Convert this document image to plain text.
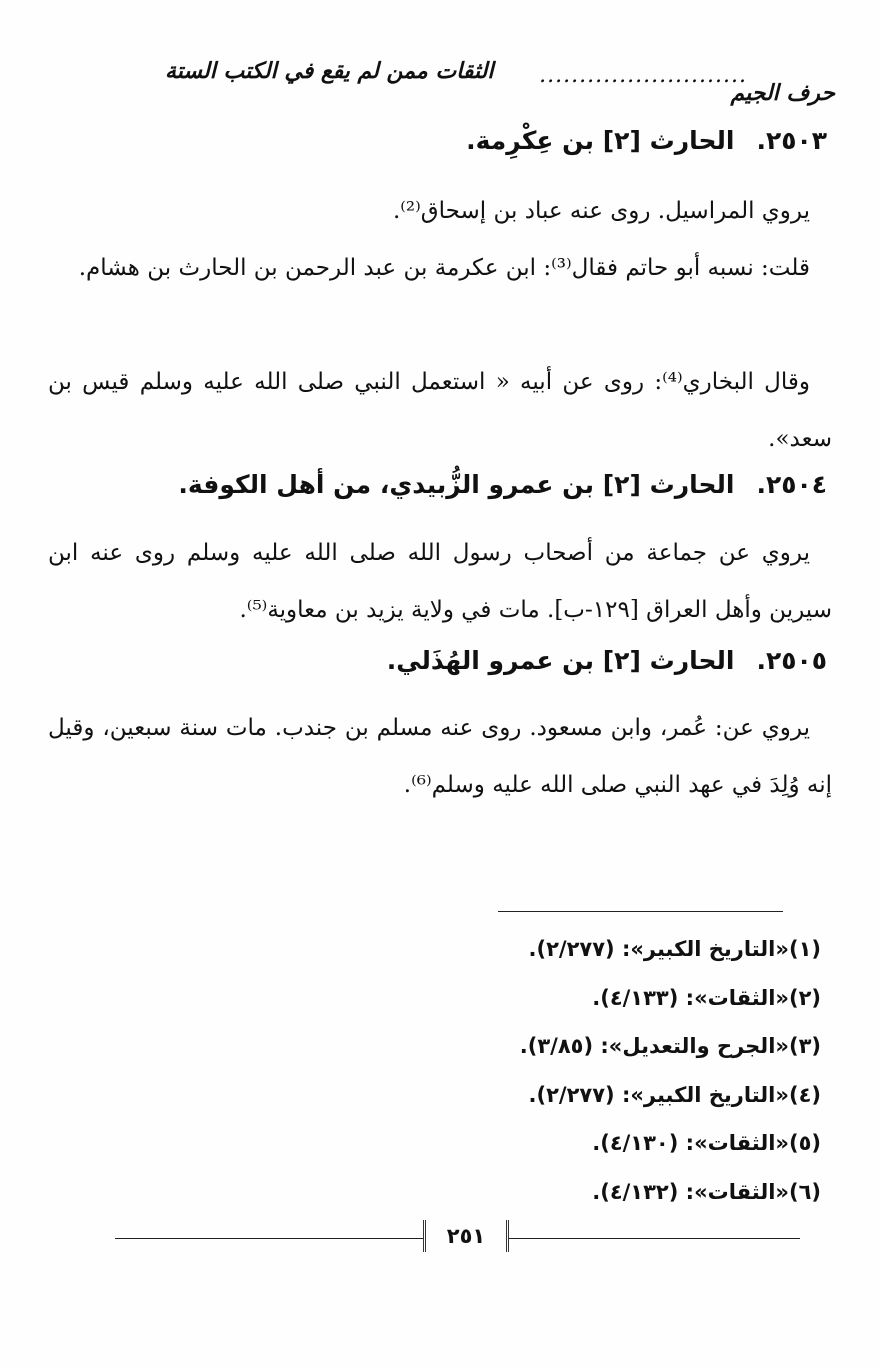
حرف الجيم
..........................
الثقات ممن لم يقع في الكتب الستة
٢٥٠٣.الحارث [٢] بن عِكْرِمة.
يروي المراسيل. روى عنه عباد بن إسحاق⁽²⁾.
قلت: نسبه أبو حاتم فقال⁽³⁾: ابن عكرمة بن عبد الرحمن بن الحارث بن هشام.
وقال البخاري⁽⁴⁾: روى عن أبيه « استعمل النبي صلى الله عليه وسلم قيس بن سعد».
٢٥٠٤.الحارث [٢] بن عمرو الزُّبيدي، من أهل الكوفة.
يروي عن جماعة من أصحاب رسول الله صلى الله عليه وسلم روى عنه ابن سيرين وأهل العراق [١٢٩-ب]. مات في ولاية يزيد بن معاوية⁽⁵⁾.
٢٥٠٥.الحارث [٢] بن عمرو الهُذَلي.
يروي عن: عُمر، وابن مسعود. روى عنه مسلم بن جندب. مات سنة سبعين، وقيل إنه وُلِدَ في عهد النبي صلى الله عليه وسلم⁽⁶⁾.
(١)«التاريخ الكبير»: (٢/٢٧٧).
(٢)«الثقات»: (٤/١٣٣).
(٣)«الجرح والتعديل»: (٣/٨٥).
(٤)«التاريخ الكبير»: (٢/٢٧٧).
(٥)«الثقات»: (٤/١٣٠).
(٦)«الثقات»: (٤/١٣٢).
٢٥١
